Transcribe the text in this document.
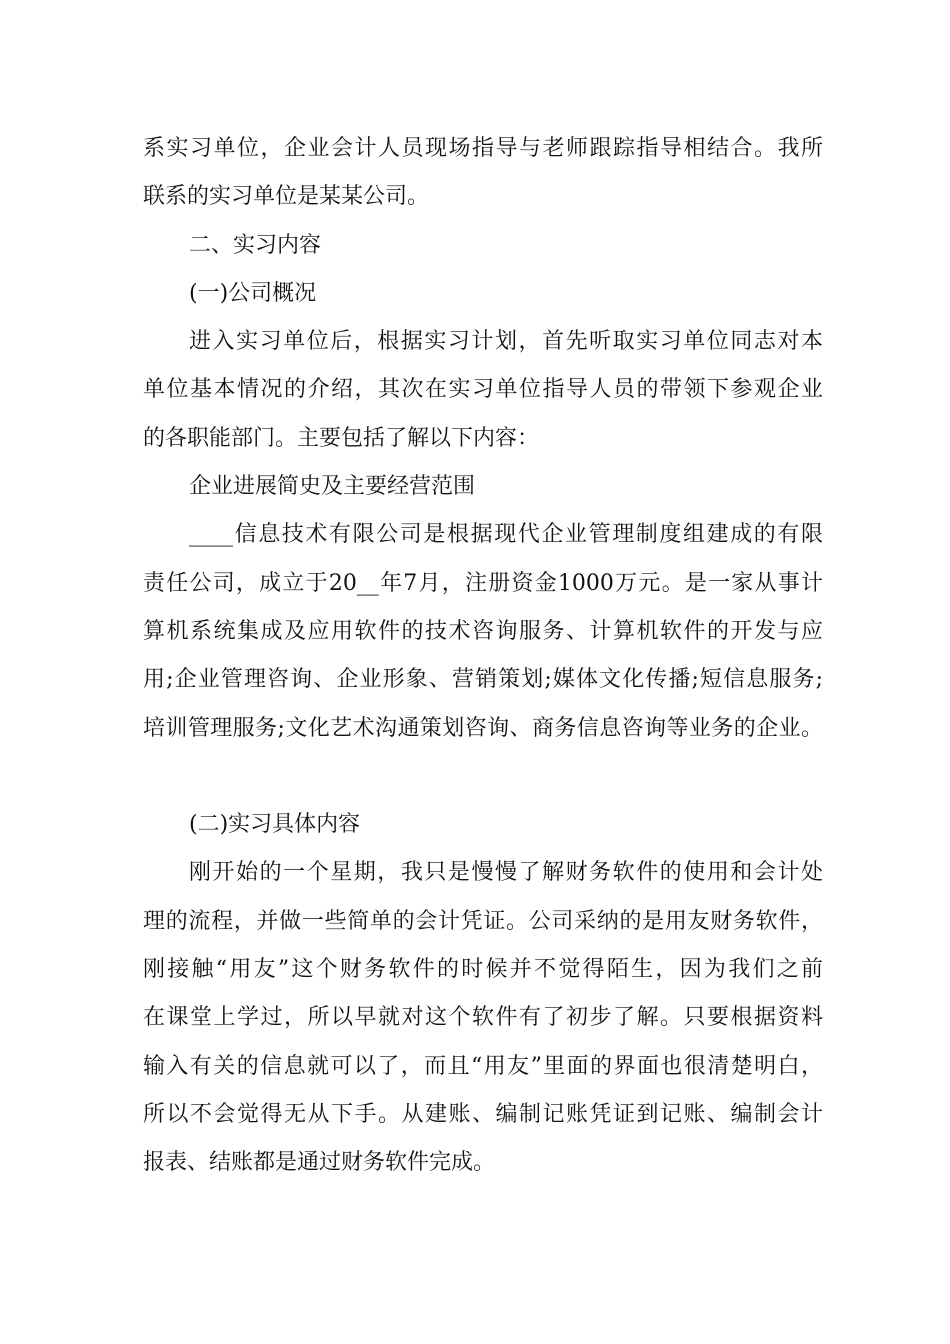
系实习单位，企业会计人员现场指导与老师跟踪指导相结合。我所
联系的实习单位是某某公司。
二、实习内容
(一)公司概况
进入实习单位后，根据实习计划，首先听取实习单位同志对本
单位基本情况的介绍，其次在实习单位指导人员的带领下参观企业
的各职能部门。主要包括了解以下内容：
企业进展简史及主要经营范围
____信息技术有限公司是根据现代企业管理制度组建成的有限
责任公司，成立于20__年7月，注册资金1000万元。是一家从事计
算机系统集成及应用软件的技术咨询服务、计算机软件的开发与应
用;企业管理咨询、企业形象、营销策划;媒体文化传播;短信息服务;
培训管理服务;文化艺术沟通策划咨询、商务信息咨询等业务的企业。
(二)实习具体内容
刚开始的一个星期，我只是慢慢了解财务软件的使用和会计处
理的流程，并做一些简单的会计凭证。公司采纳的是用友财务软件，
刚接触“用友”这个财务软件的时候并不觉得陌生，因为我们之前
在课堂上学过，所以早就对这个软件有了初步了解。只要根据资料
输入有关的信息就可以了，而且“用友”里面的界面也很清楚明白，
所以不会觉得无从下手。从建账、编制记账凭证到记账、编制会计
报表、结账都是通过财务软件完成。
